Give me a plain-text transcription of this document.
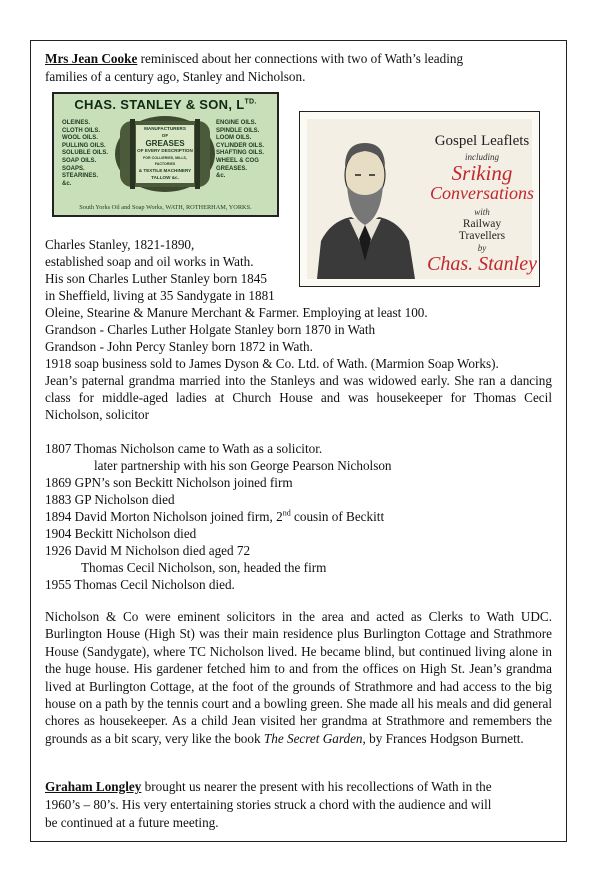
Mrs Jean Cooke reminisced about her connections with two of Wath’s leading
families of a century ago, Stanley and Nicholson.
CHAS. STANLEY & SON, $L^{TD.}$
OLEINES.
CLOTH OILS.
WOOL OILS.
PULLING OILS.
SOLUBLE OILS.
SOAP OILS.
SOAPS.
STEARINES.
&c.
MANUFACTURERS
OF
GREASES
OF EVERY DESCRIPTION
FOR COLLIERIES, MILLS, FACTORIES
& TEXTILE MACHINERY
TALLOW &c.
ENGINE OILS.
SPINDLE OILS.
LOOM OILS.
CYLINDER OILS.
SHAFTING OILS.
WHEEL & COG
GREASES.
&c.
South Yorks Oil and Soap Works, WATH, ROTHERHAM, YORKS.
Gospel Leaflets
including
Sriking
Conversations
with
Railway
Travellers
by
Chas. Stanley
Charles Stanley, 1821-1890,
established soap and oil works in Wath.
His son Charles Luther Stanley born 1845
in Sheffield, living at 35 Sandygate in 1881
Oleine, Stearine & Manure Merchant & Farmer. Employing at least 100.
Grandson - Charles Luther Holgate Stanley born 1870 in Wath
Grandson - John Percy Stanley born 1872 in Wath.
1918 soap business sold to James Dyson & Co. Ltd. of Wath. (Marmion Soap Works).
Jean’s paternal grandma married into the Stanleys and was widowed early. She ran a dancing class for middle-aged ladies at Church House and was housekeeper for Thomas Cecil Nicholson, solicitor
1807 Thomas Nicholson came to Wath as a solicitor.
later partnership with his son George Pearson Nicholson
1869 GPN’s son Beckitt Nicholson joined firm
1883 GP Nicholson died
1894 David Morton Nicholson joined firm, 2nd cousin of Beckitt
1904 Beckitt Nicholson died
1926 David M Nicholson died aged 72
Thomas Cecil Nicholson, son, headed the firm
1955 Thomas Cecil Nicholson died.
Nicholson & Co were eminent solicitors in the area and acted as Clerks to Wath UDC. Burlington House (High St) was their main residence plus Burlington Cottage and Strathmore House (Sandygate), where TC Nicholson lived. He became blind, but continued living alone in the huge house. His gardener fetched him to and from the offices on High St. Jean’s grandma lived at Burlington Cottage, at the foot of the grounds of Strathmore and had access to the big house on a path by the tennis court and a bowling green. She made all his meals and did general chores as housekeeper. As a child Jean visited her grandma at Strathmore and remembers the grounds as a bit scary, very like the book The Secret Garden, by Frances Hodgson Burnett.
Graham Longley brought us nearer the present with his recollections of Wath in the
1960’s – 80’s. His very entertaining stories struck a chord with the audience and will
be continued at a future meeting.
